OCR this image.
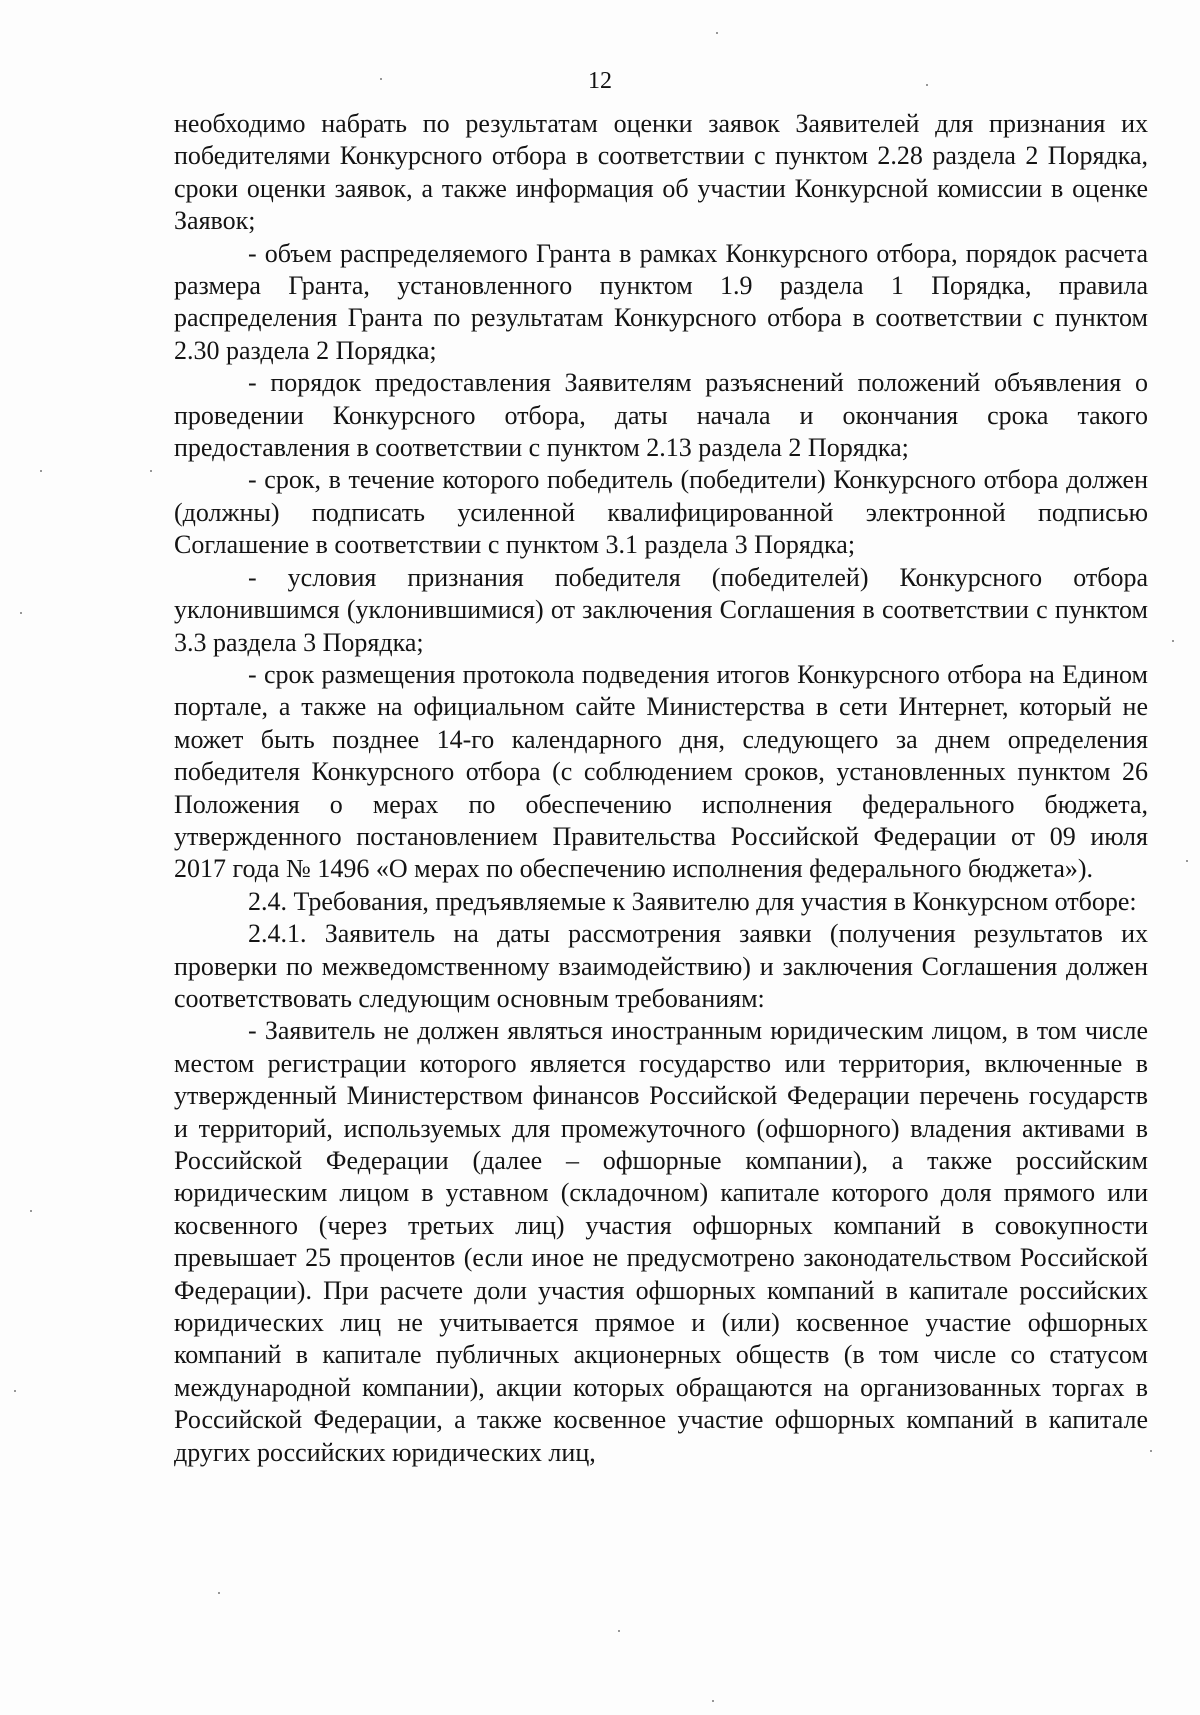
12

необходимо набрать по результатам оценки заявок Заявителей для признания их победителями Конкурсного отбора в соответствии с пунктом 2.28 раздела 2 Порядка, сроки оценки заявок, а также информация об участии Конкурсной комиссии в оценке Заявок;

- объем распределяемого Гранта в рамках Конкурсного отбора, порядок расчета размера Гранта, установленного пунктом 1.9 раздела 1 Порядка, правила распределения Гранта по результатам Конкурсного отбора в соответствии с пунктом 2.30 раздела 2 Порядка;

- порядок предоставления Заявителям разъяснений положений объявления о проведении Конкурсного отбора, даты начала и окончания срока такого предоставления в соответствии с пунктом 2.13 раздела 2 Порядка;

- срок, в течение которого победитель (победители) Конкурсного отбора должен (должны) подписать усиленной квалифицированной электронной подписью Соглашение в соответствии с пунктом 3.1 раздела 3 Порядка;

- условия признания победителя (победителей) Конкурсного отбора уклонившимся (уклонившимися) от заключения Соглашения в соответствии с пунктом 3.3 раздела 3 Порядка;

- срок размещения протокола подведения итогов Конкурсного отбора на Едином портале, а также на официальном сайте Министерства в сети Интернет, который не может быть позднее 14-го календарного дня, следующего за днем определения победителя Конкурсного отбора (с соблюдением сроков, установленных пунктом 26 Положения о мерах по обеспечению исполнения федерального бюджета, утвержденного постановлением Правительства Российской Федерации от 09 июля 2017 года № 1496 «О мерах по обеспечению исполнения федерального бюджета»).

2.4. Требования, предъявляемые к Заявителю для участия в Конкурсном отборе:

2.4.1. Заявитель на даты рассмотрения заявки (получения результатов их проверки по межведомственному взаимодействию) и заключения Соглашения должен соответствовать следующим основным требованиям:

- Заявитель не должен являться иностранным юридическим лицом, в том числе местом регистрации которого является государство или территория, включенные в утвержденный Министерством финансов Российской Федерации перечень государств и территорий, используемых для промежуточного (офшорного) владения активами в Российской Федерации (далее – офшорные компании), а также российским юридическим лицом в уставном (складочном) капитале которого доля прямого или косвенного (через третьих лиц) участия офшорных компаний в совокупности превышает 25 процентов (если иное не предусмотрено законодательством Российской Федерации). При расчете доли участия офшорных компаний в капитале российских юридических лиц не учитывается прямое и (или) косвенное участие офшорных компаний в капитале публичных акционерных обществ (в том числе со статусом международной компании), акции которых обращаются на организованных торгах в Российской Федерации, а также косвенное участие офшорных компаний в капитале других российских юридических лиц,
